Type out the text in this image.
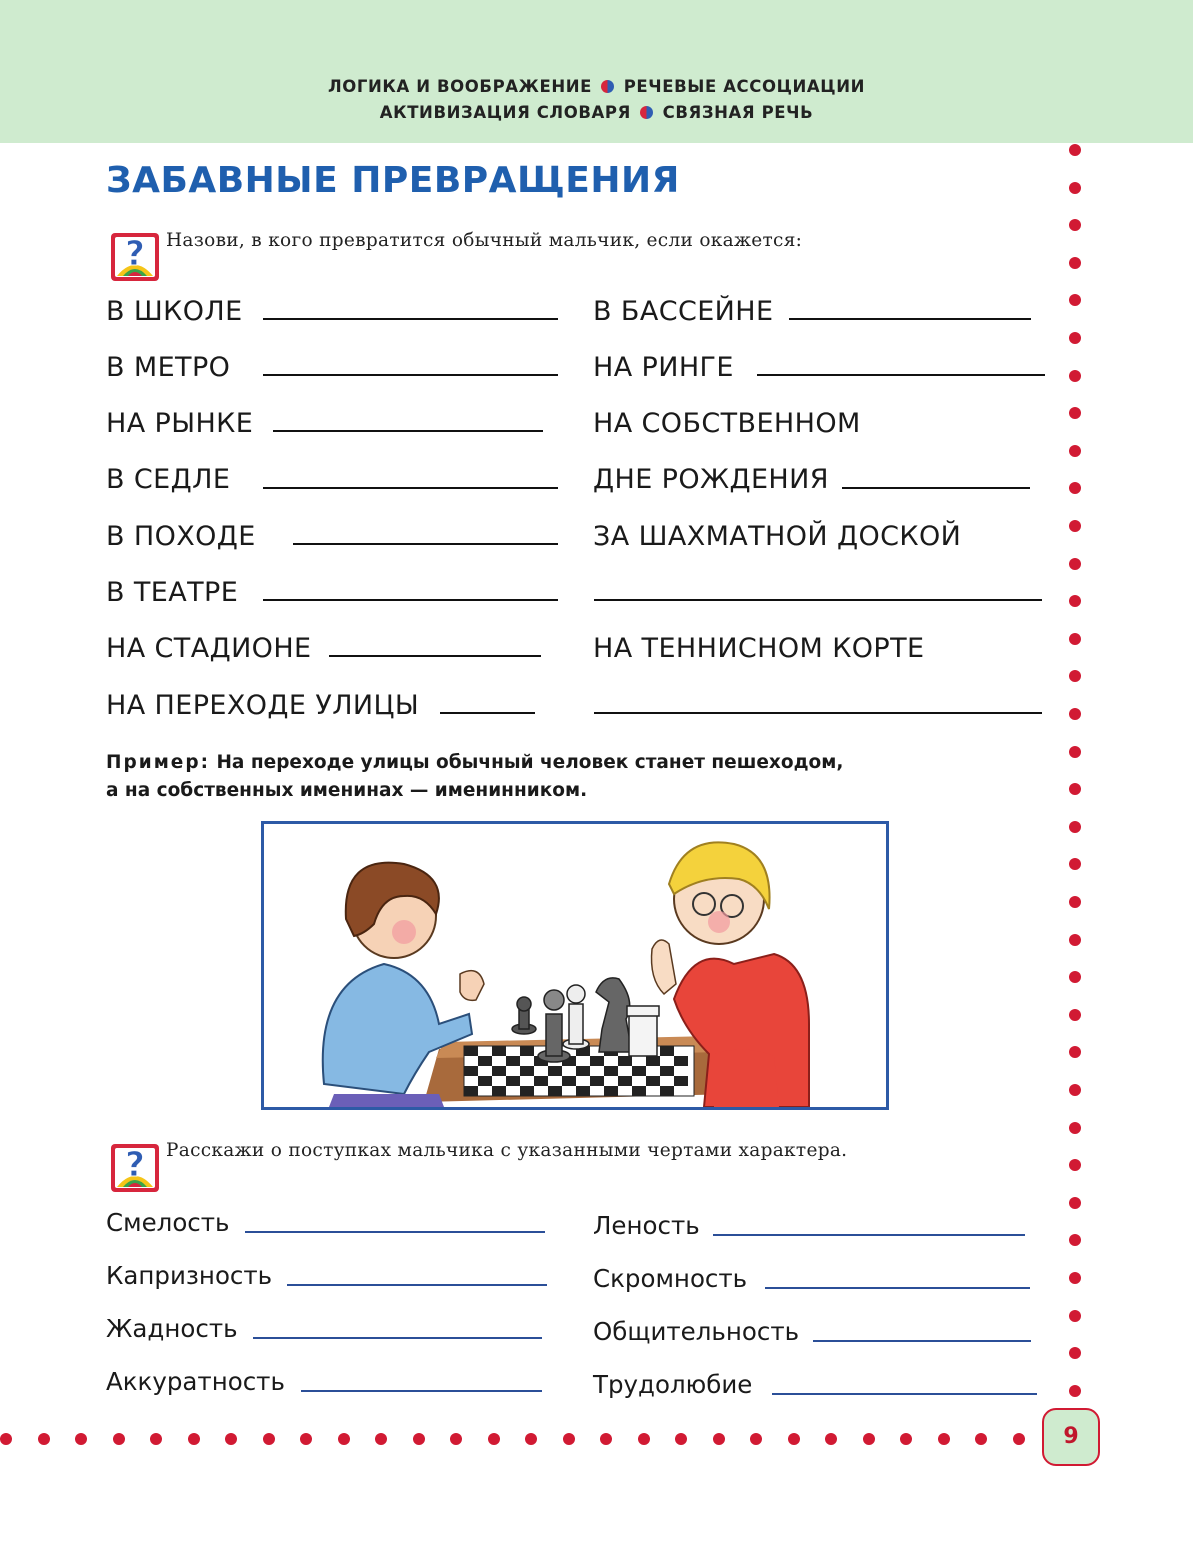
ЛОГИКА И ВООБРАЖЕНИЕ РЕЧЕВЫЕ АССОЦИАЦИИ
АКТИВИЗАЦИЯ СЛОВАРЯ СВЯЗНАЯ РЕЧЬ
ЗАБАВНЫЕ ПРЕВРАЩЕНИЯ
? Назови, в кого превратится обычный мальчик, если окажется:
В ШКОЛЕ
В МЕТРО
НА РЫНКЕ
В СЕДЛЕ
В ПОХОДЕ
В ТЕАТРЕ
НА СТАДИОНЕ
НА ПЕРЕХОДЕ УЛИЦЫ
В БАССЕЙНЕ
НА РИНГЕ
НА СОБСТВЕННОМ
ДНЕ РОЖДЕНИЯ
ЗА ШАХМАТНОЙ ДОСКОЙ
НА ТЕННИСНОМ КОРТЕ
Пример: На переходе улицы обычный человек станет пешеходом,
а на собственных именинах — именинником.
? Расскажи о поступках мальчика с указанными чертами характера.
Смелость
Капризность
Жадность
Аккуратность
Леность
Скромность
Общительность
Трудолюбие
9
